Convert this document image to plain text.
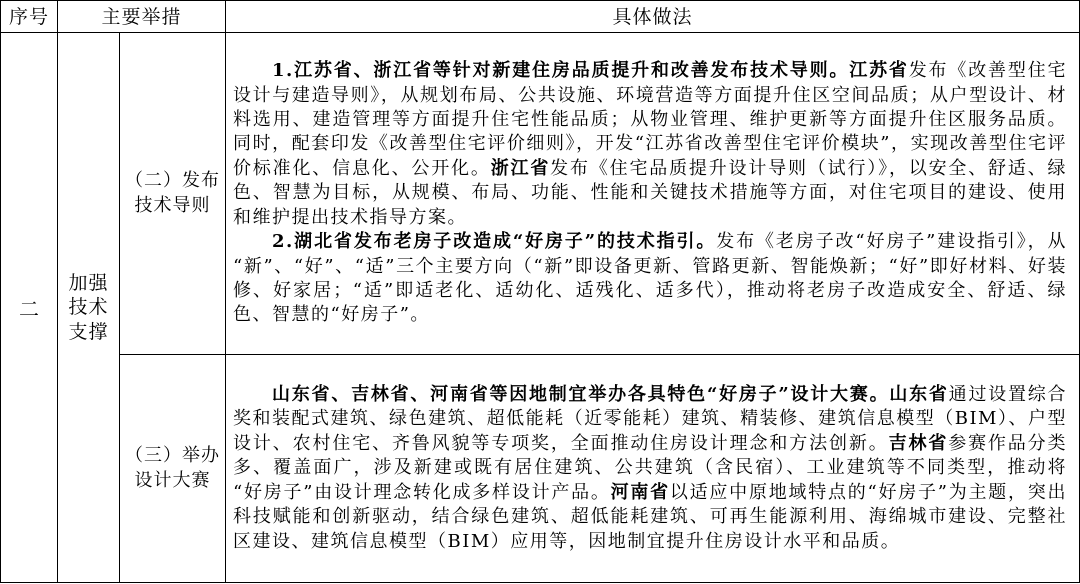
序号	主要举措		具体做法
二	加强技术支撑	（二）发布技术导则	1.江苏省、浙江省等针对新建住房品质提升和改善发布技术导则。江苏省发布《改善型住宅设计与建造导则》，从规划布局、公共设施、环境营造等方面提升住区空间品质；从户型设计、材料选用、建造管理等方面提升住宅性能品质；从物业管理、维护更新等方面提升住区服务品质。同时，配套印发《改善型住宅评价细则》，开发“江苏省改善型住宅评价模块”，实现改善型住宅评价标准化、信息化、公开化。浙江省发布《住宅品质提升设计导则（试行）》，以安全、舒适、绿色、智慧为目标，从规模、布局、功能、性能和关键技术措施等方面，对住宅项目的建设、使用和维护提出技术指导方案。

2.湖北省发布老房子改造成“好房子”的技术指引。发布《老房子改“好房子”建设指引》，从“新”、“好”、“适”三个主要方向（“新”即设备更新、管路更新、智能焕新；“好”即好材料、好装修、好家居；“适”即适老化、适幼化、适残化、适多代），推动将老房子改造成安全、舒适、绿色、智慧的“好房子”。

		（三）举办设计大赛	山东省、吉林省、河南省等因地制宜举办各具特色“好房子”设计大赛。山东省通过设置综合奖和装配式建筑、绿色建筑、超低能耗（近零能耗）建筑、精装修、建筑信息模型（BIM）、户型设计、农村住宅、齐鲁风貌等专项奖，全面推动住房设计理念和方法创新。吉林省参赛作品分类多、覆盖面广，涉及新建或既有居住建筑、公共建筑（含民宿）、工业建筑等不同类型，推动将“好房子”由设计理念转化成多样设计产品。河南省以适应中原地域特点的“好房子”为主题，突出科技赋能和创新驱动，结合绿色建筑、超低能耗建筑、可再生能源利用、海绵城市建设、完整社区建设、建筑信息模型（BIM）应用等，因地制宜提升住房设计水平和品质。
